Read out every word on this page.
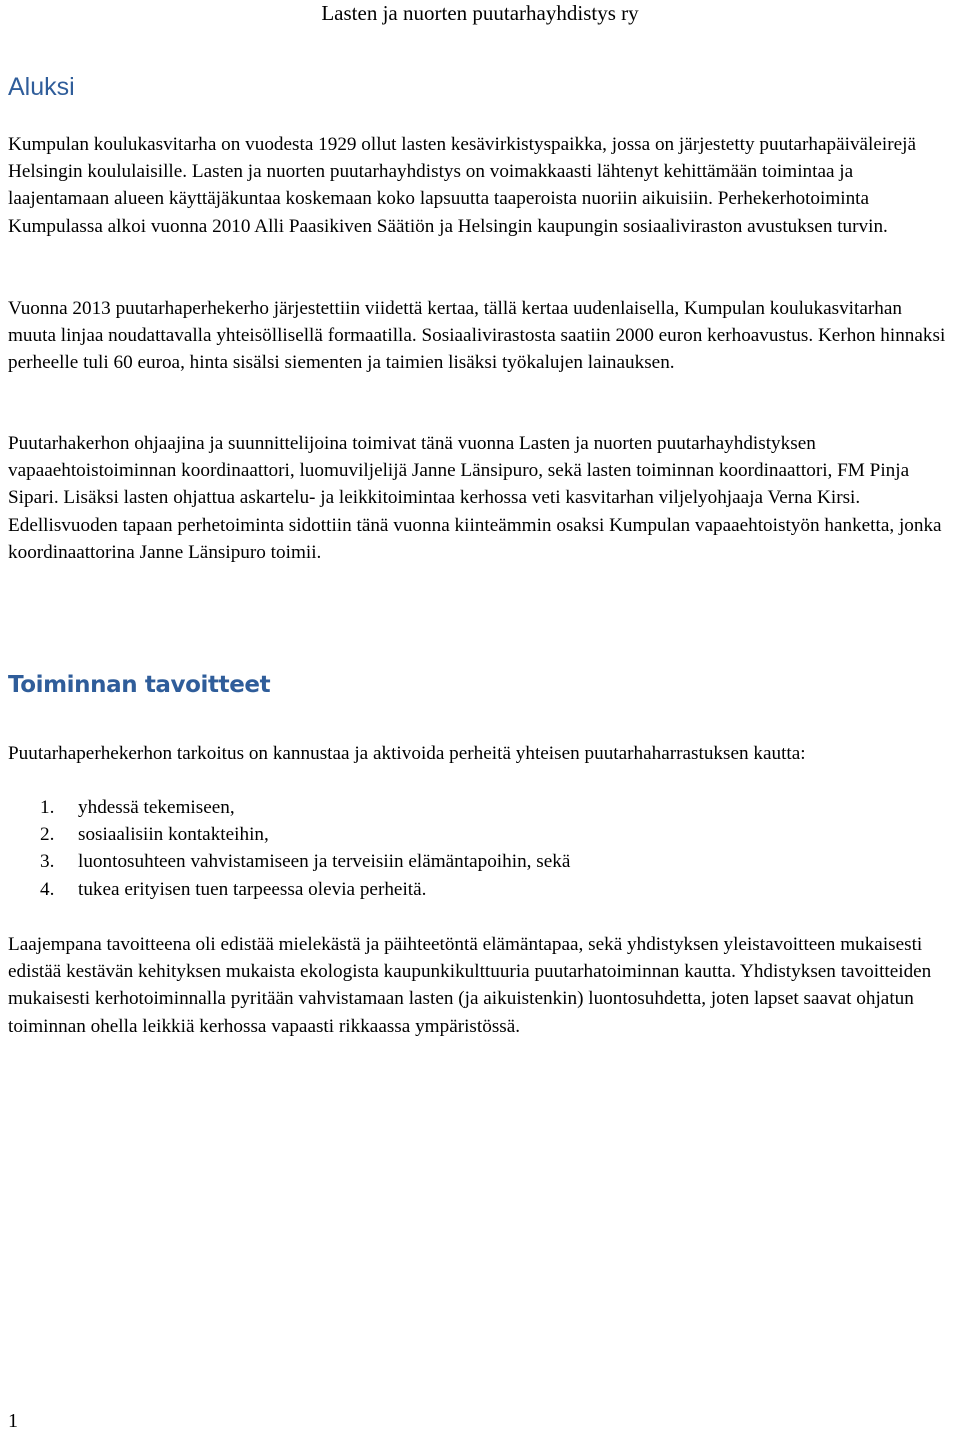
Lasten ja nuorten puutarhayhdistys ry
Aluksi

Kumpulan koulukasvitarha on vuodesta 1929 ollut lasten kesävirkistyspaikka, jossa on järjestetty puutarhapäiväleirejä Helsingin koululaisille. Lasten ja nuorten puutarhayhdistys on voimakkaasti lähtenyt kehittämään toimintaa ja laajentamaan alueen käyttäjäkuntaa koskemaan koko lapsuutta taaperoista nuoriin aikuisiin. Perhekerhotoiminta Kumpulassa alkoi vuonna 2010 Alli Paasikiven Säätiön ja Helsingin kaupungin sosiaaliviraston avustuksen turvin.

Vuonna 2013 puutarhaperhekerho järjestettiin viidettä kertaa, tällä kertaa uudenlaisella, Kumpulan koulukasvitarhan muuta linjaa noudattavalla yhteisöllisellä formaatilla. Sosiaalivirastosta saatiin 2000 euron kerhoavustus. Kerhon hinnaksi perheelle tuli 60 euroa, hinta sisälsi siementen ja taimien lisäksi työkalujen lainauksen.

Puutarhakerhon ohjaajina ja suunnittelijoina toimivat tänä vuonna Lasten ja nuorten puutarhayhdistyksen vapaaehtoistoiminnan koordinaattori, luomuviljelijä Janne Länsipuro, sekä lasten toiminnan koordinaattori, FM Pinja Sipari. Lisäksi lasten ohjattua askartelu- ja leikkitoimintaa kerhossa veti kasvitarhan viljelyohjaaja Verna Kirsi. Edellisvuoden tapaan perhetoiminta sidottiin tänä vuonna kiinteämmin osaksi Kumpulan vapaaehtoistyön hanketta, jonka koordinaattorina Janne Länsipuro toimii.

Toiminnan tavoitteet

Puutarhaperhekerhon tarkoitus on kannustaa ja aktivoida perheitä yhteisen puutarhaharrastuksen kautta:

1. yhdessä tekemiseen,
2. sosiaalisiin kontakteihin,
3. luontosuhteen vahvistamiseen ja terveisiin elämäntapoihin, sekä
4. tukea erityisen tuen tarpeessa olevia perheitä.

Laajempana tavoitteena oli edistää mielekästä ja päihteetöntä elämäntapaa, sekä yhdistyksen yleistavoitteen mukaisesti edistää kestävän kehityksen mukaista ekologista kaupunkikulttuuria puutarhatoiminnan kautta. Yhdistyksen tavoitteiden mukaisesti kerhotoiminnalla pyritään vahvistamaan lasten (ja aikuistenkin) luontosuhdetta, joten lapset saavat ohjatun toiminnan ohella leikkiä kerhossa vapaasti rikkaassa ympäristössä.

1
